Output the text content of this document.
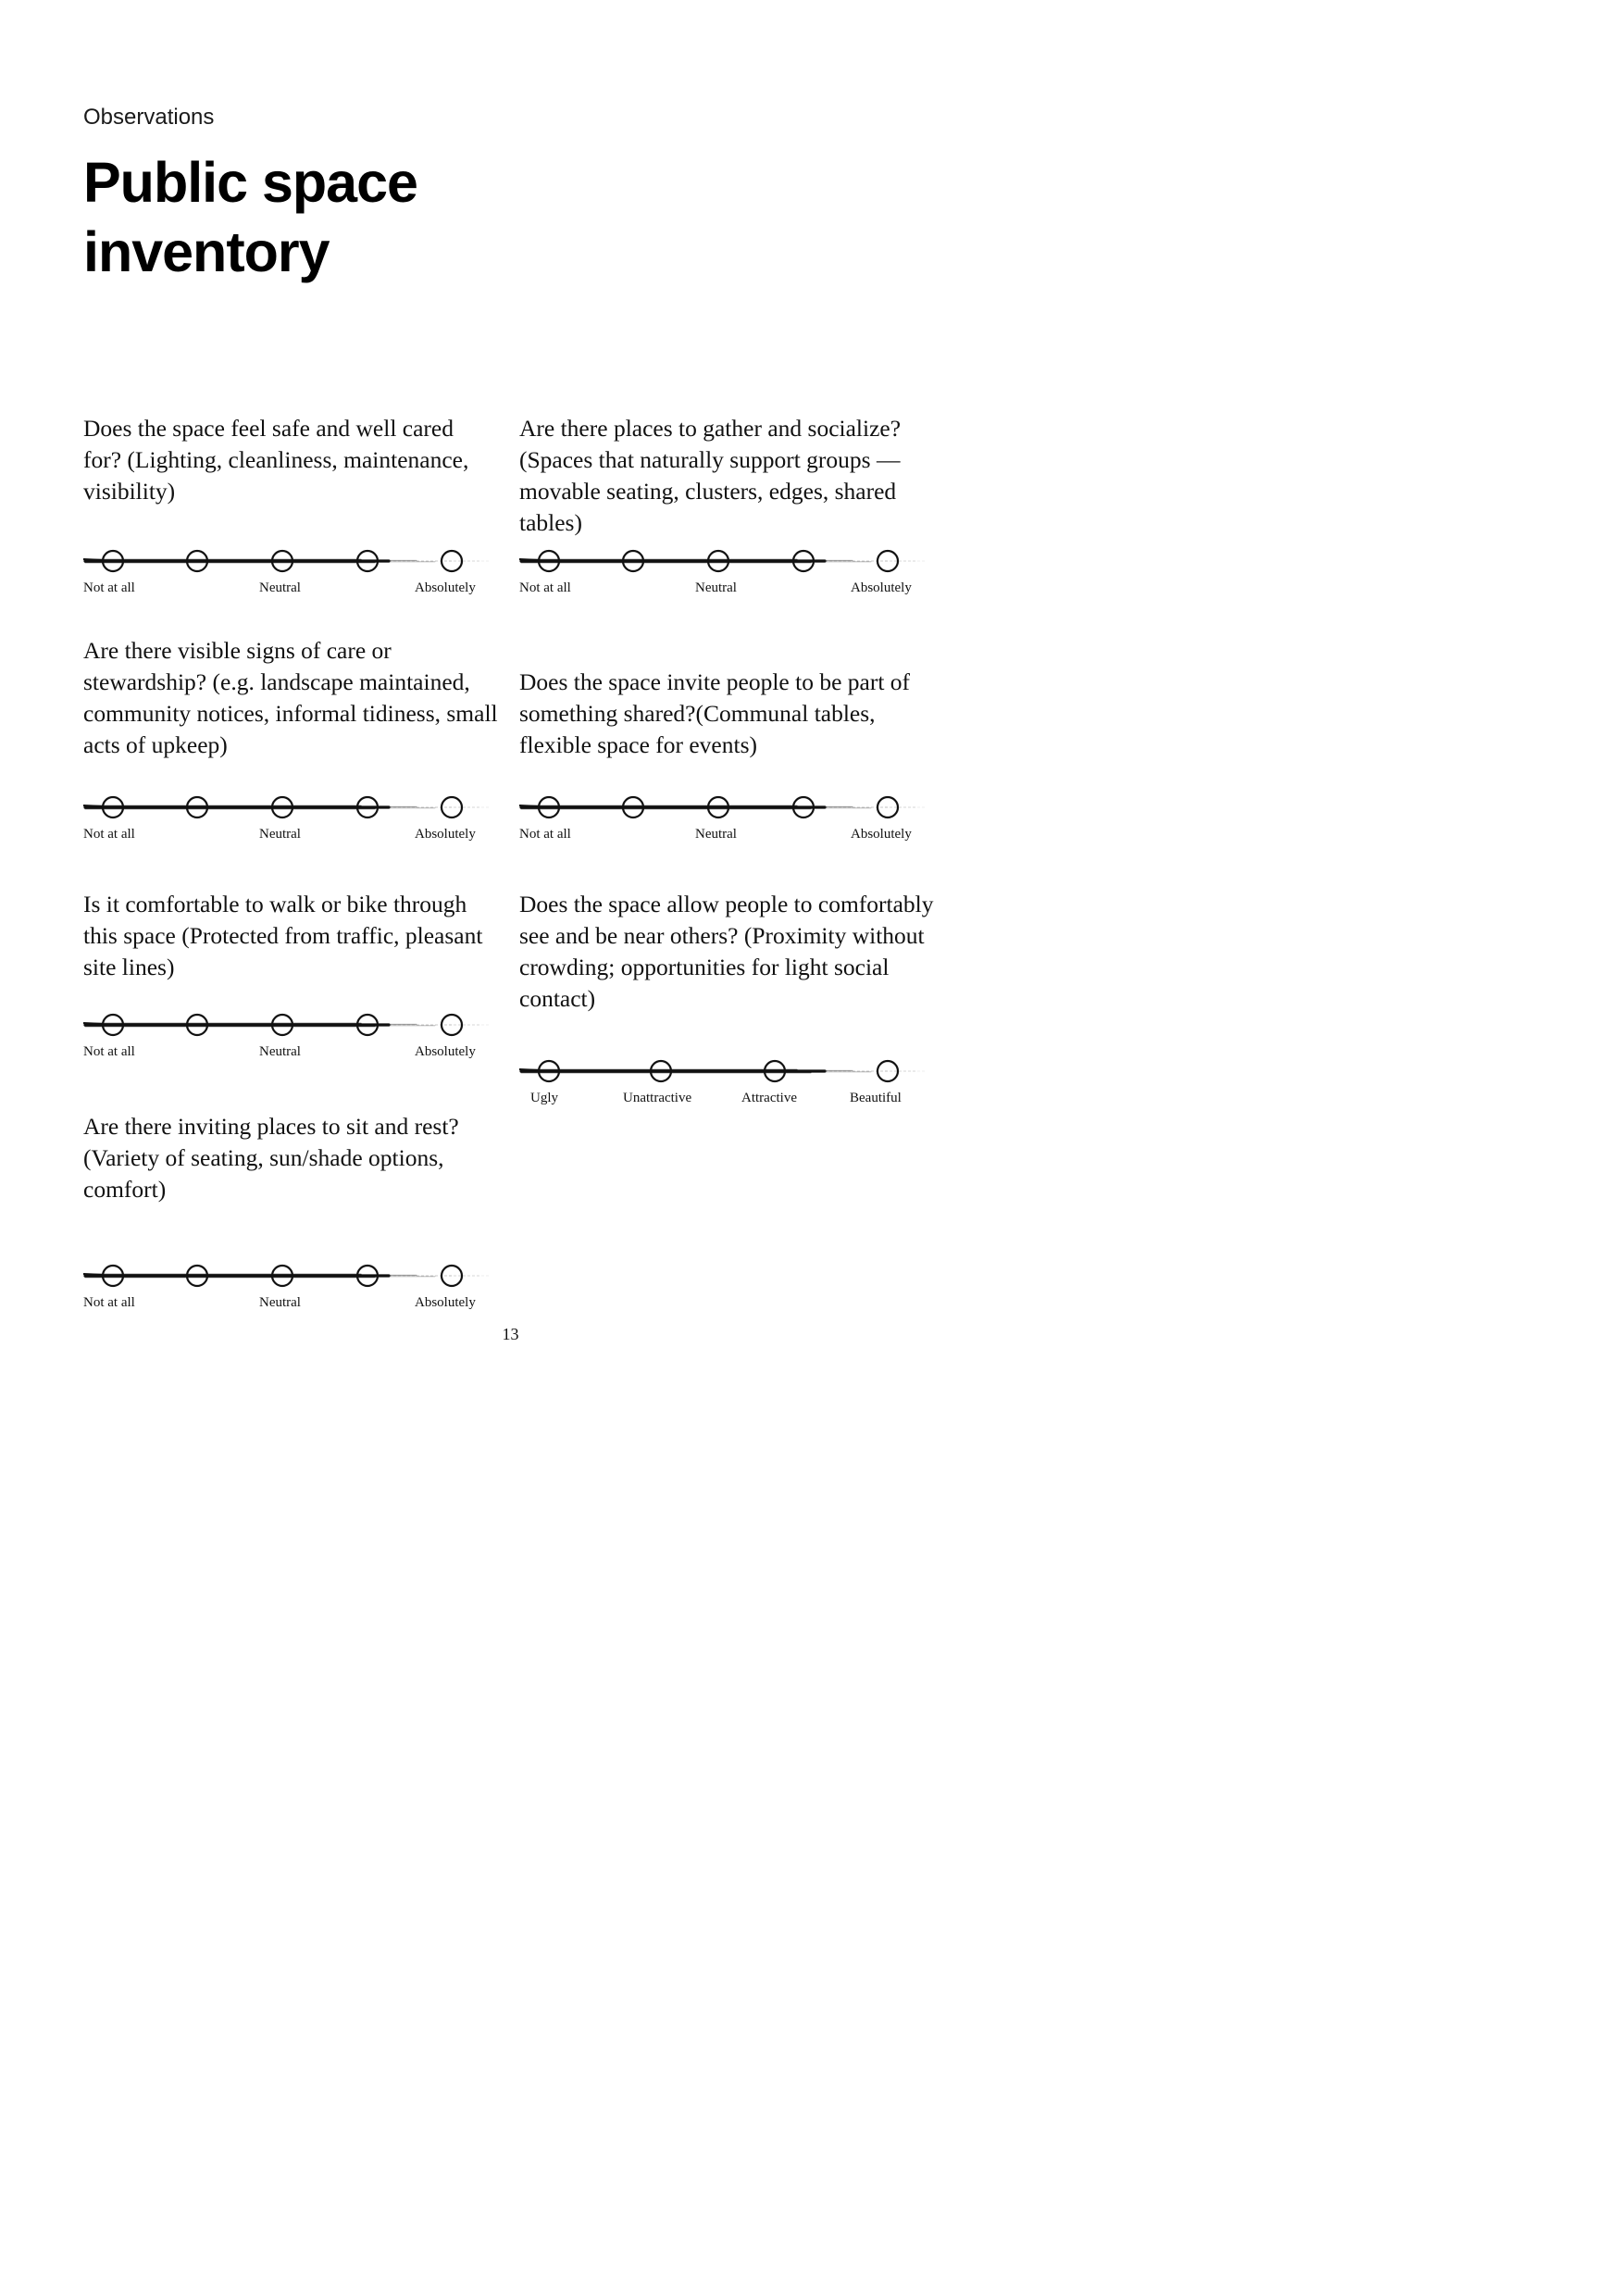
Observations
Public space inventory

Does the space feel safe and well cared for? (Lighting, cleanliness, maintenance, visibility)

Not at all	Neutral	Absolutely

Are there places to gather and socialize? (Spaces that naturally support groups — movable seating, clusters, edges, shared tables)

Not at all	Neutral	Absolutely

Are there visible signs of care or stewardship? (e.g. landscape maintained, community notices, informal tidiness, small acts of upkeep)

Not at all	Neutral	Absolutely

Does the space invite people to be part of something shared?(Communal tables, flexible space for events)

Not at all	Neutral	Absolutely

Is it comfortable to walk or bike through this space (Protected from traffic, pleasant site lines)

Not at all	Neutral	Absolutely

Does the space allow people to comfortably see and be near others? (Proximity without crowding; opportunities for light social contact)

Ugly	Unattractive	Attractive	Beautiful

Are there inviting places to sit and rest? (Variety of seating, sun/shade options, comfort)

Not at all	Neutral	Absolutely
13
